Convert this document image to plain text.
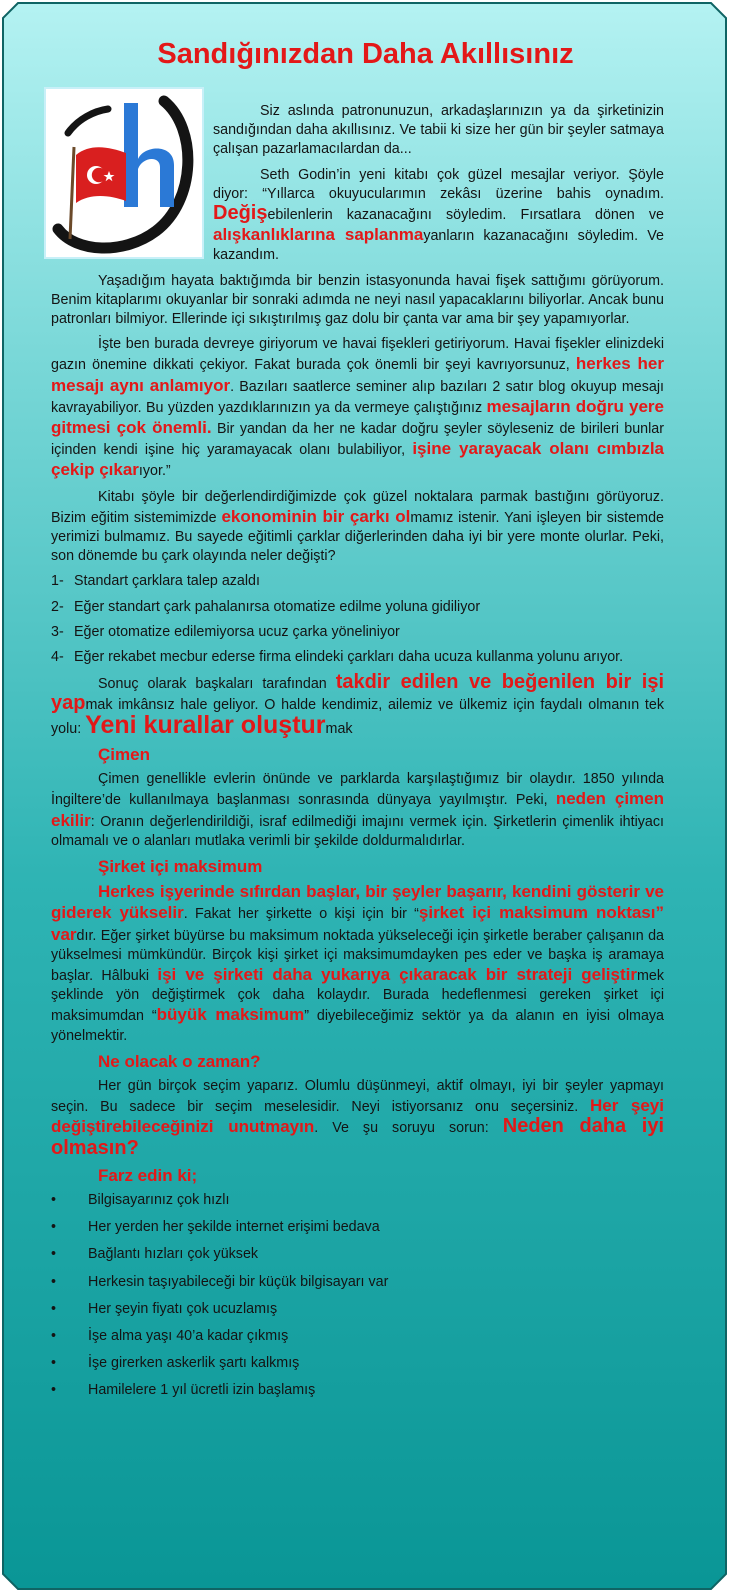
Sandığınızdan Daha Akıllısınız

Siz aslında patronunuzun, arkadaşlarınızın ya da şirketinizin sandığından daha akıllısınız. Ve tabii ki size her gün bir şeyler satmaya çalışan pazarlamacılardan da...

Seth Godin’in yeni kitabı çok güzel mesajlar veriyor. Şöyle diyor: “Yıllarca okuyucularımın zekâsı üzerine bahis oynadım. Değişebilenlerin kazanacağını söyledim. Fırsatlara dönen ve alışkanlıklarına saplanmayanların kazanacağını söyledim. Ve kazandım.

Yaşadığım hayata baktığımda bir benzin istasyonunda havai fişek sattığımı görüyorum. Benim kitaplarımı okuyanlar bir sonraki adımda ne neyi nasıl yapacaklarını biliyorlar. Ancak bunu patronları bilmiyor. Ellerinde içi sıkıştırılmış gaz dolu bir çanta var ama bir şey yapamıyorlar.

İşte ben burada devreye giriyorum ve havai fişekleri getiriyorum. Havai fişekler elinizdeki gazın önemine dikkati çekiyor. Fakat burada çok önemli bir şeyi kavrıyorsunuz, herkes her mesajı aynı anlamıyor. Bazıları saatlerce seminer alıp bazıları 2 satır blog okuyup mesajı kavrayabiliyor. Bu yüzden yazdıklarınızın ya da vermeye çalıştığınız mesajların doğru yere gitmesi çok önemli. Bir yandan da her ne kadar doğru şeyler söyleseniz de birileri bunlar içinden kendi işine hiç yaramayacak olanı bulabiliyor, işine yarayacak olanı cımbızla çekip çıkarıyor.”

Kitabı şöyle bir değerlendirdiğimizde çok güzel noktalara parmak bastığını görüyoruz. Bizim eğitim sistemimizde ekonominin bir çarkı olmamız istenir. Yani işleyen bir sistemde yerimizi bulmamız. Bu sayede eğitimli çarklar diğerlerinden daha iyi bir yere monte olurlar. Peki, son dönemde bu çark olayında neler değişti?

1- Standart çarklara talep azaldı
2- Eğer standart çark pahalanırsa otomatize edilme yoluna gidiliyor
3- Eğer otomatize edilemiyorsa ucuz çarka yöneliniyor
4- Eğer rekabet mecbur ederse firma elindeki çarkları daha ucuza kullanma yolunu arıyor.

Sonuç olarak başkaları tarafından takdir edilen ve beğenilen bir işi yapmak imkânsız hale geliyor. O halde kendimiz, ailemiz ve ülkemiz için faydalı olmanın tek yolu: Yeni kurallar oluşturmak

Çimen

Çimen genellikle evlerin önünde ve parklarda karşılaştığımız bir olaydır. 1850 yılında İngiltere’de kullanılmaya başlanması sonrasında dünyaya yayılmıştır. Peki, neden çimen ekilir: Oranın değerlendirildiği, israf edilmediği imajını vermek için. Şirketlerin çimenlik ihtiyacı olmamalı ve o alanları mutlaka verimli bir şekilde doldurmalıdırlar.

Şirket içi maksimum

Herkes işyerinde sıfırdan başlar, bir şeyler başarır, kendini gösterir ve giderek yükselir. Fakat her şirkette o kişi için bir “şirket içi maksimum noktası” vardır. Eğer şirket büyürse bu maksimum noktada yükseleceği için şirketle beraber çalışanın da yükselmesi mümkündür. Birçok kişi şirket içi maksimumdayken pes eder ve başka iş aramaya başlar. Hâlbuki işi ve şirketi daha yukarıya çıkaracak bir strateji geliştirmek şeklinde yön değiştirmek çok daha kolaydır. Burada hedeflenmesi gereken şirket içi maksimumdan “büyük maksimum” diyebileceğimiz sektör ya da alanın en iyisi olmaya yönelmektir.

Ne olacak o zaman?

Her gün birçok seçim yaparız. Olumlu düşünmeyi, aktif olmayı, iyi bir şeyler yapmayı seçin. Bu sadece bir seçim meselesidir. Neyi istiyorsanız onu seçersiniz. Her şeyi değiştirebileceğinizi unutmayın. Ve şu soruyu sorun: Neden daha iyi olmasın?

Farz edin ki;
• Bilgisayarınız çok hızlı
• Her yerden her şekilde internet erişimi bedava
• Bağlantı hızları çok yüksek
• Herkesin taşıyabileceği bir küçük bilgisayarı var
• Her şeyin fiyatı çok ucuzlamış
• İşe alma yaşı 40’a kadar çıkmış
• İşe girerken askerlik şartı kalkmış
• Hamilelere 1 yıl ücretli izin başlamış
